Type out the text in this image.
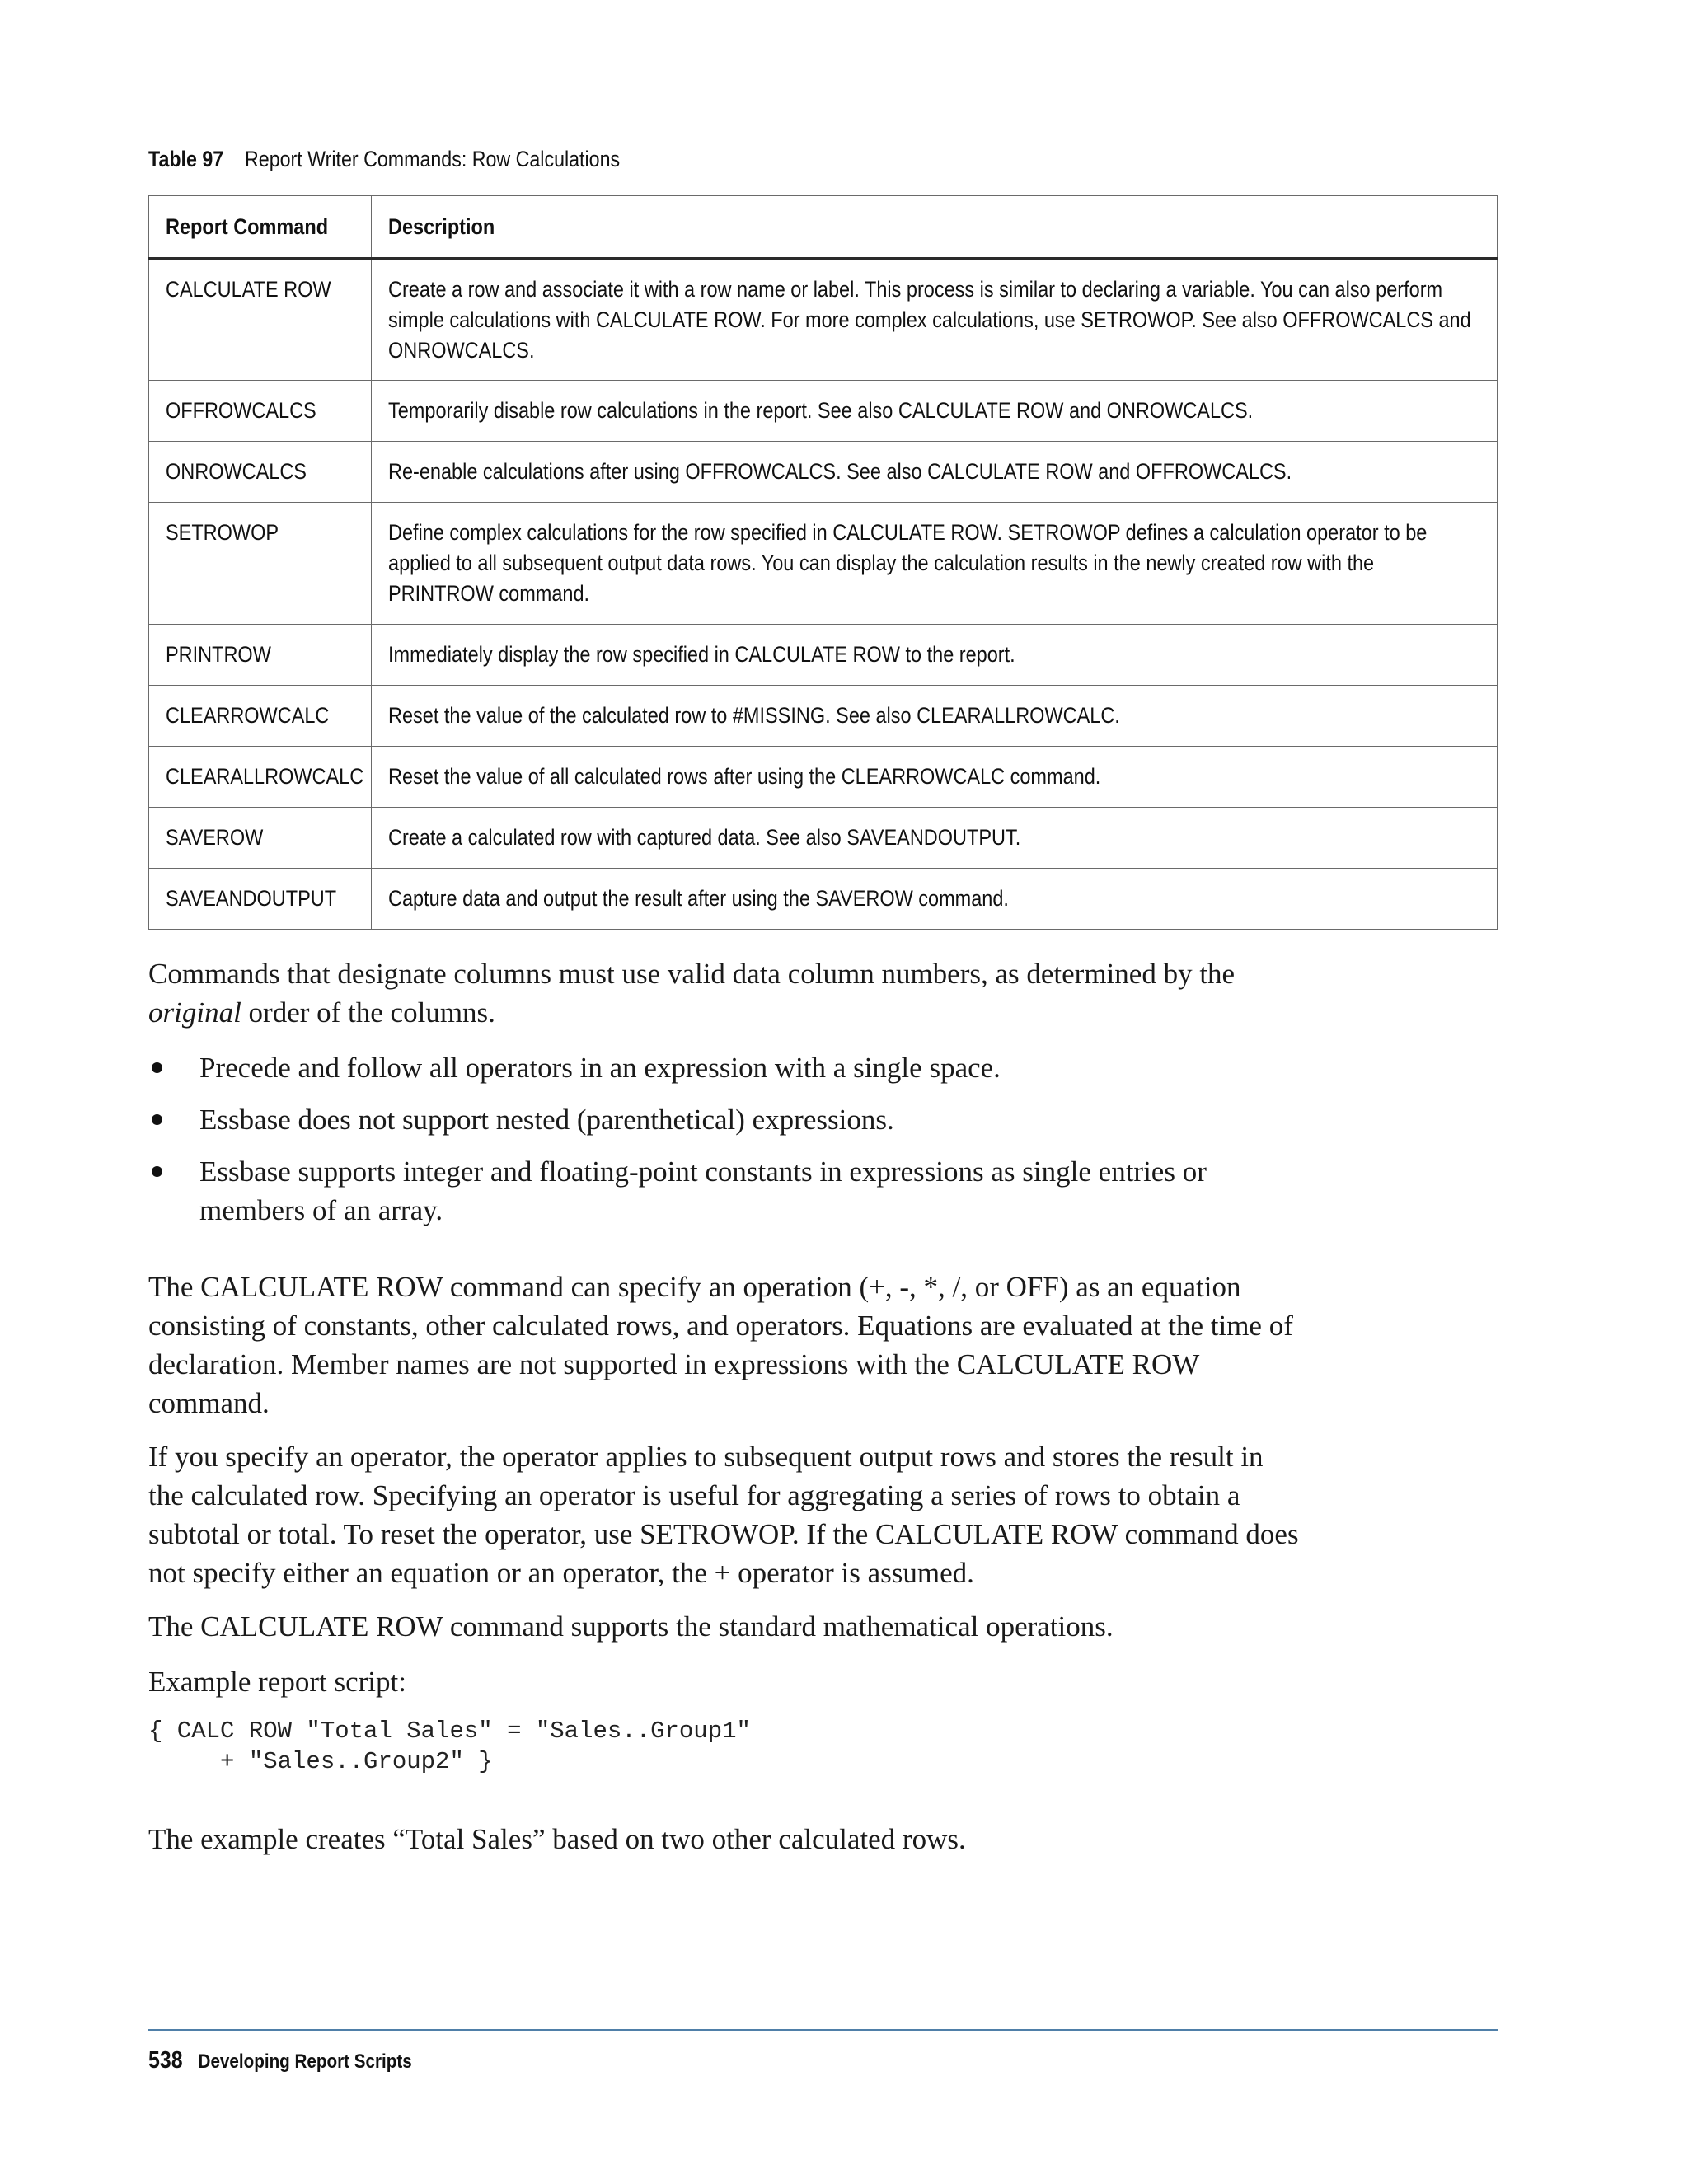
Table 97 Report Writer Commands: Row Calculations
Report Command	Description
CALCULATE ROW	Create a row and associate it with a row name or label. This process is similar to declaring a variable. You can also perform simple calculations with CALCULATE ROW. For more complex calculations, use SETROWOP. See also OFFROWCALCS and ONROWCALCS.
OFFROWCALCS	Temporarily disable row calculations in the report. See also CALCULATE ROW and ONROWCALCS.
ONROWCALCS	Re-enable calculations after using OFFROWCALCS. See also CALCULATE ROW and OFFROWCALCS.
SETROWOP	Define complex calculations for the row specified in CALCULATE ROW. SETROWOP defines a calculation operator to be applied to all subsequent output data rows. You can display the calculation results in the newly created row with the PRINTROW command.
PRINTROW	Immediately display the row specified in CALCULATE ROW to the report.
CLEARROWCALC	Reset the value of the calculated row to #MISSING. See also CLEARALLROWCALC.
CLEARALLROWCALC	Reset the value of all calculated rows after using the CLEARROWCALC command.
SAVEROW	Create a calculated row with captured data. See also SAVEANDOUTPUT.
SAVEANDOUTPUT	Capture data and output the result after using the SAVEROW command.

Commands that designate columns must use valid data column numbers, as determined by the original order of the columns.

Precede and follow all operators in an expression with a single space.
Essbase does not support nested (parenthetical) expressions.
Essbase supports integer and floating-point constants in expressions as single entries or members of an array.

The CALCULATE ROW command can specify an operation (+, -, *, /, or OFF) as an equation consisting of constants, other calculated rows, and operators. Equations are evaluated at the time of declaration. Member names are not supported in expressions with the CALCULATE ROW command.

If you specify an operator, the operator applies to subsequent output rows and stores the result in the calculated row. Specifying an operator is useful for aggregating a series of rows to obtain a subtotal or total. To reset the operator, use SETROWOP. If the CALCULATE ROW command does not specify either an equation or an operator, the + operator is assumed.

The CALCULATE ROW command supports the standard mathematical operations.

Example report script:

{ CALC ROW "Total Sales" = "Sales..Group1"
+ "Sales..Group2" }

The example creates “Total Sales” based on two other calculated rows.

538 Developing Report Scripts
